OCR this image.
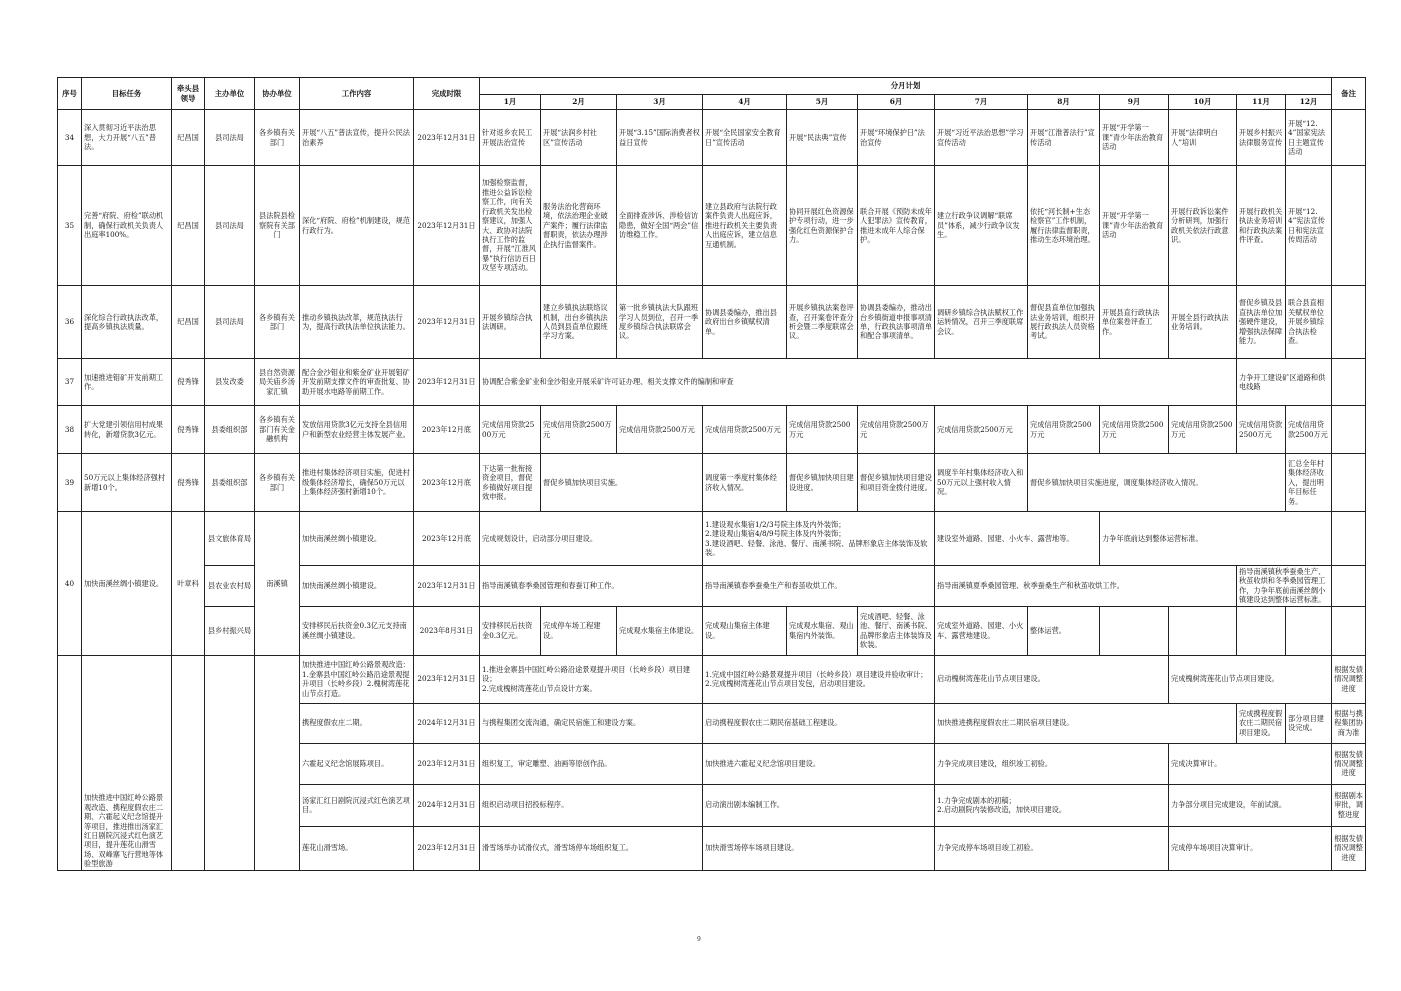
序号	目标任务	牵头县领导	主办单位	协办单位	工作内容	完成时限	分月计划												备注
							1月	2月	3月	4月	5月	6月	7月	8月	9月	10月	11月	12月	
34	深入贯彻习近平法治思想，大力开展“八五”普法。	纪昌国	县司法局	各乡镇有关部门	开展“八五”普法宣传，提升公民法治素养	2023年12月31日	针对返乡农民工开展法治宣传	开展“法润乡村社区”宣传活动	开展“3.15”国际消费者权益日宣传	开展“全民国家安全教育日”宣传活动	开展“民法典”宣传	开展“环境保护日”法治宣传	开展“习近平法治思想”学习宣传活动	开展“江淮普法行”宣传活动	开展“开学第一课”青少年法治教育活动	开展“法律明白人”培训	开展乡村振兴法律服务宣传	开展“12.4”国家宪法日主题宣传活动	
35	完善“府院、府检”联动机制，确保行政机关负责人出庭率100%。	纪昌国	县司法局	县法院县检察院有关部门	深化“府院、府检”机制建设，规范行政行为。	2023年12月31日	加强检察监督，推进公益诉讼检察工作，向有关行政机关发出检察建议，加强人大、政协对法院执行工作的监督，开展“江淮风暴”执行信访百日攻坚专项活动。	服务法治化营商环境，依法治理企业破产案件；履行法律监督职责，依法办理涉企执行监督案件。	全面排查涉诉、涉检信访隐患，做好全国“两会”信访维稳工作。	建立县政府与法院行政案件负责人出庭应诉，推进行政机关主要负责人出庭应诉，建立信息互通机制。	协同开展红色资源保护专项行动，进一步强化红色资源保护合力。	联合开展《预防未成年人犯罪法》宣传教育，推进未成年人综合保护。	建立行政争议调解“联席员”体系，减少行政争议发生。	依托“河长制+生态检察官”工作机制，履行法律监督职责，推动生态环境治理。	开展“开学第一课”青少年法治教育活动	开展行政诉讼案件分析研判，加强行政机关依法行政意识。	开展行政机关执法业务培训和行政执法案件评查。	开展“12.4”宪法宣传日和宪法宣传周活动	
36	深化综合行政执法改革，提高乡镇执法质量。	纪昌国	县司法局	各乡镇有关部门	推动乡镇执法改革，规范执法行为，提高行政执法单位执法能力。	2023年12月31日	开展乡镇综合执法调研。	建立乡镇执法联络议机制，出台乡镇执法人员到县直单位跟班学习方案。	第一批乡镇执法大队跟班学习人员到位，召开一季度乡镇综合执法联席会议。	协调县委编办，推出县政府出台乡镇赋权清单。	开展乡镇执法案卷评查，召开案卷评查分析会暨二季度联席会议。	协调县委编办，推动出台乡镇街道申报事项清单，行政执法事项清单和配合事项清单。	调研乡镇综合执法赋权工作运转情况，召开三季度联席会议。	督促县直单位加强执法业务培训，组织开展行政执法人员资格考试。	开展县直行政执法单位案卷评查工作。	开展全县行政执法业务培训。	督促乡镇及县直执法单位加强硬件建设，增强执法保障能力。	联合县直相关赋权单位开展乡镇综合执法检查。	
37	加速推进钼矿开发前期工作。	倪秀锋	县发改委	县自然资源局关庙乡汤家汇镇	配合金沙钼业和紫金矿业开展钼矿开发前期支撑文件的审查批复、协助开展水电路等前期工作。	2023年12月31日	协调配合紫金矿业和金沙钼业开展采矿许可证办理、相关支撑文件的编制和审查										力争开工建设矿区道路和供电线路		
38	扩大党建引领信用村成果转化，新增贷款3亿元。	倪秀锋	县委组织部	各乡镇有关部门有关金融机构	发放信用贷款3亿元支持全县信用户和新型农业经营主体发展产业。	2023年12月底	完成信用贷款2500万元	完成信用贷款2500万元	完成信用贷款2500万元	完成信用贷款2500万元	完成信用贷款2500万元	完成信用贷款2500万元	完成信用贷款2500万元	完成信用贷款2500万元	完成信用贷款2500万元	完成信用贷款2500万元	完成信用贷款2500万元	完成信用贷款2500万元	
39	50万元以上集体经济强村新增10个。	倪秀锋	县委组织部	各乡镇有关部门	推进村集体经济项目实施，促进村级集体经济增长，确保50万元以上集体经济强村新增10个。	2023年12月底	下达第一批衔接资金项目，督促乡镇做好项目提效申报。	督促乡镇加快项目实施。		调度第一季度村集体经济收入情况。	督促乡镇加快项目建设进度。	督促乡镇加快项目建设和项目资金拨付进度。	调度半年村集体经济收入和50万元以上强村收入情况。	督促乡镇加快项目实施进度，调度集体经济收入情况。				汇总全年村集体经济收入，提出明年目标任务。	
40	加快南溪丝绸小镇建设。	叶章科	县文旅体育局	南溪镇	加快南溪丝绸小镇建设。	2023年12月底	完成规划设计，启动部分项目建设。			1.建设观水集宿1/2/3号院主体及内外装饰；
2.建设观山集宿4/8/9号院主体及内外装饰；
3.建设酒吧、轻餐、泳池、餐厅、南溪书院、品牌形象店主体装饰及软装。			建设室外道路、园建、小火车、露营地等。		力争年底前达到整体运营标准。				
			县农业农村局		加快南溪丝绸小镇建设。	2023年12月31日	指导南溪镇春季桑园管理和春蚕订种工作。			指导南溪镇春季蚕桑生产和春茧收烘工作。			指导南溪镇夏季桑园管理、秋季蚕桑生产和秋茧收烘工作。				指导南溪镇秋季蚕桑生产、秋茧收烘和冬季桑园管理工作，力争年底前南溪丝绸小镇建设达到整体运营标准。		
			县乡村振兴局		安排移民后扶资金0.3亿元支持南溪丝绸小镇建设。	2023年8月31日	安排移民后扶资金0.3亿元。	完成停车场工程建设。	完成观水集宿主体建设。	完成观山集宿主体建设。	完成观水集宿、观山集宿内外装饰。	完成酒吧、轻餐、泳池、餐厅、南溪书院、品牌形象店主体装饰及软装。	完成室外道路、园建、小火车、露营地建设。	整体运营。					
	加快推进中国红岭公路景观改造、携程度假农庄二期、六霍起义纪念馆提升等项目，推进推出汤家汇红日剧院沉浸式红色演艺项目，提升莲花山滑雪场、双峰寨飞行营地等体验型旅游				加快推进中国红岭公路景观改造：1.金寨县中国红岭公路沿途景观提升项目（长岭乡段）2.槐树湾莲花山节点打造。	2023年12月31日	1.推进金寨县中国红岭公路沿途景观提升项目（长岭乡段）项目建设；
2.完成槐树湾莲花山节点设计方案。			1.完成中国红岭公路景观提升项目（长岭乡段）项目建设并验收审计；
2.完成槐树湾莲花山节点项目发包，启动项目建设。			启动槐树湾莲花山节点项目建设。			完成槐树湾莲花山节点项目建设。			根据发债情况调整进度
					携程度假农庄二期。	2024年12月31日	与携程集团交流沟通，确定民宿施工和建设方案。			启动携程度假农庄二期民宿基础工程建设。			加快推进携程度假农庄二期民宿项目建设。				完成携程度假农庄二期民宿项目建设。	部分项目建设完成。	根据与携程集团协商为准
					六霍起义纪念馆展陈项目。	2023年12月31日	组织复工，审定雕塑、油画等原创作品。			加快推进六霍起义纪念馆项目建设。			力争完成项目建设，组织竣工初验。			完成决算审计。			根据发债情况调整进度
					汤家汇红日剧院沉浸式红色演艺项目。	2024年12月31日	组织启动项目招投标程序。			启动演出剧本编制工作。			1.力争完成剧本的初稿；
2.启动剧院内装修改造，加快项目建设。			力争部分项目完成建设，年前试演。			根据剧本审批，调整进度
					莲花山滑雪场。	2023年12月31日	滑雪场举办试滑仪式，滑雪场停车场组织复工。			加快滑雪场停车场项目建设。			力争完成停车场项目竣工初验。			完成停车场项目决算审计。			根据发债情况调整进度
9
